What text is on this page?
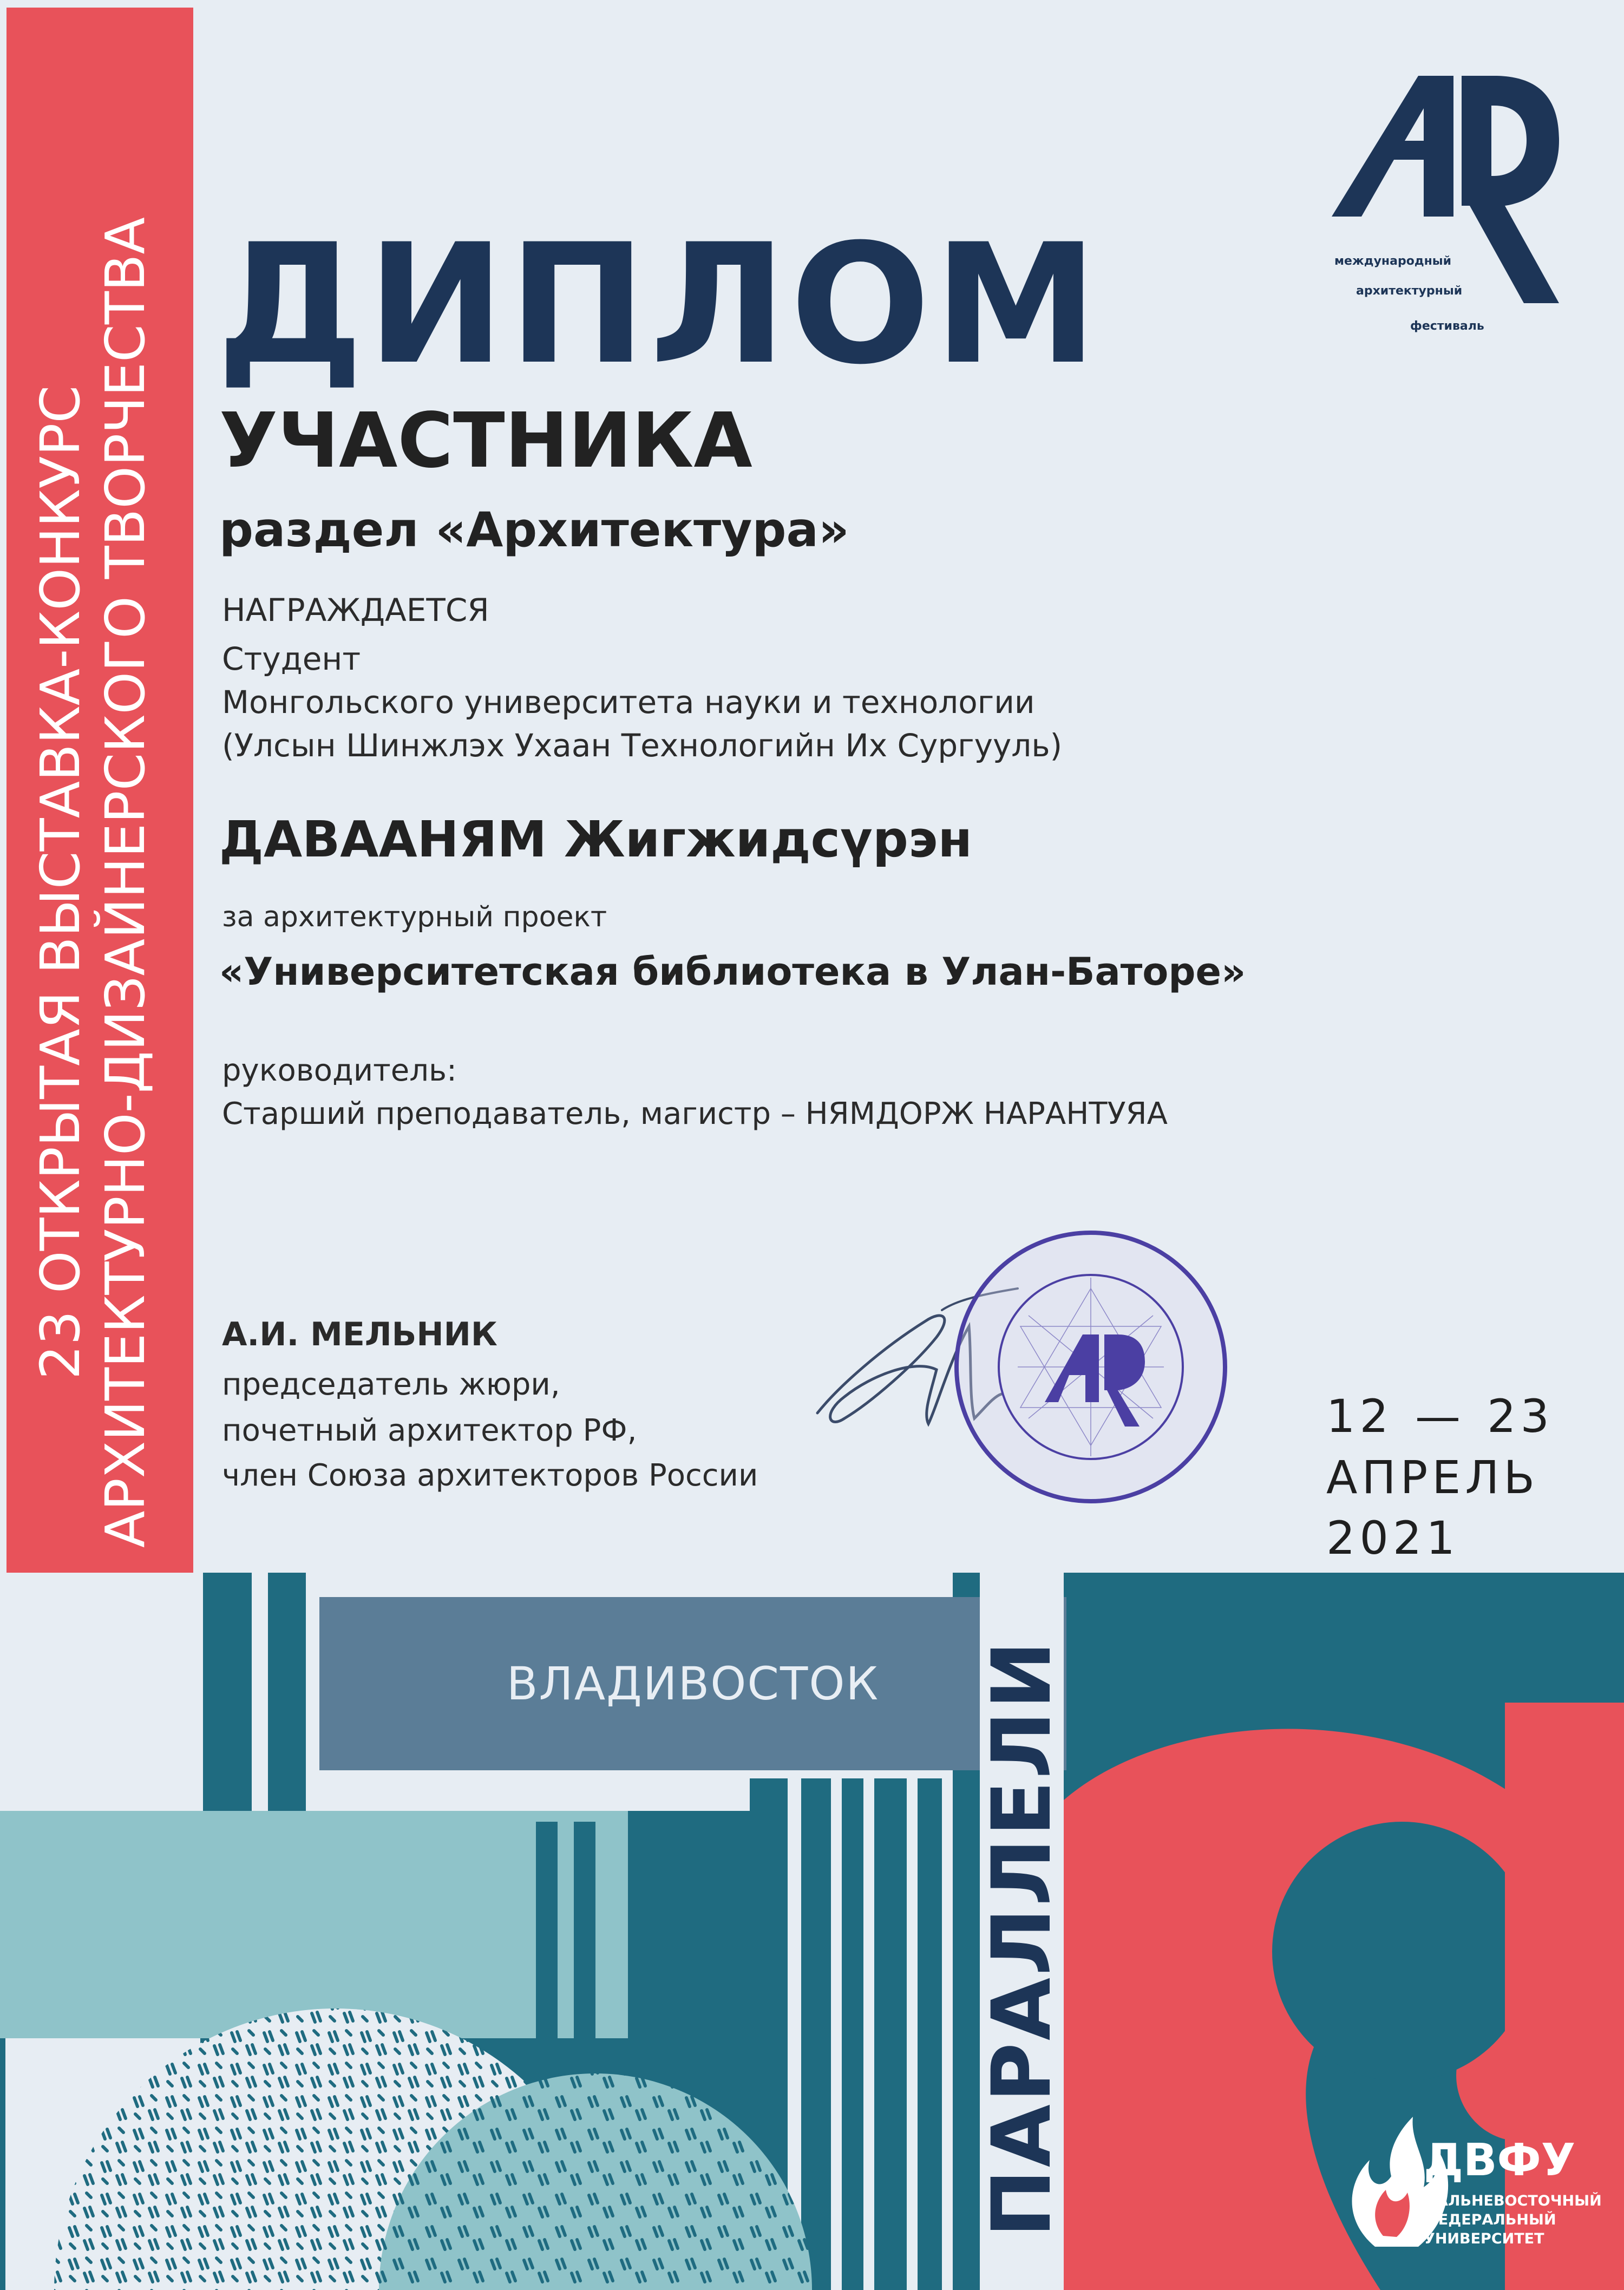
23 ОТКРЫТАЯ ВЫСТАВКА-КОНКУРС АРХИТЕКТУРНО-ДИЗАЙНЕРСКОГО ТВОРЧЕСТВА	международный
архитектурный
фестиваль
ДИПЛОМ
УЧАСТНИКА
раздел «Архитектура»
НАГРАЖДАЕТСЯ
Студент
Монгольского университета науки и технологии
(Улсын Шинжлэх Ухаан Технологийн Их Сургууль)
ДАВААНЯМ Жигжидсүрэн
за архитектурный проект
«Университетская библиотека в Улан-Баторе»
руководитель:
Старший преподаватель, магистр – НЯМДОРЖ НАРАНТУЯА
А.И. МЕЛЬНИК
председатель жюри,
почетный архитектор РФ,
член Союза архитекторов России
12 — 23
АПРЕЛЬ
2021
ВЛАДИВОСТОК	ПАРАЛЛЕЛИ	ДВФУ
ДАЛЬНЕВОСТОЧНЫЙ
ФЕДЕРАЛЬНЫЙ
УНИВЕРСИТЕТ
